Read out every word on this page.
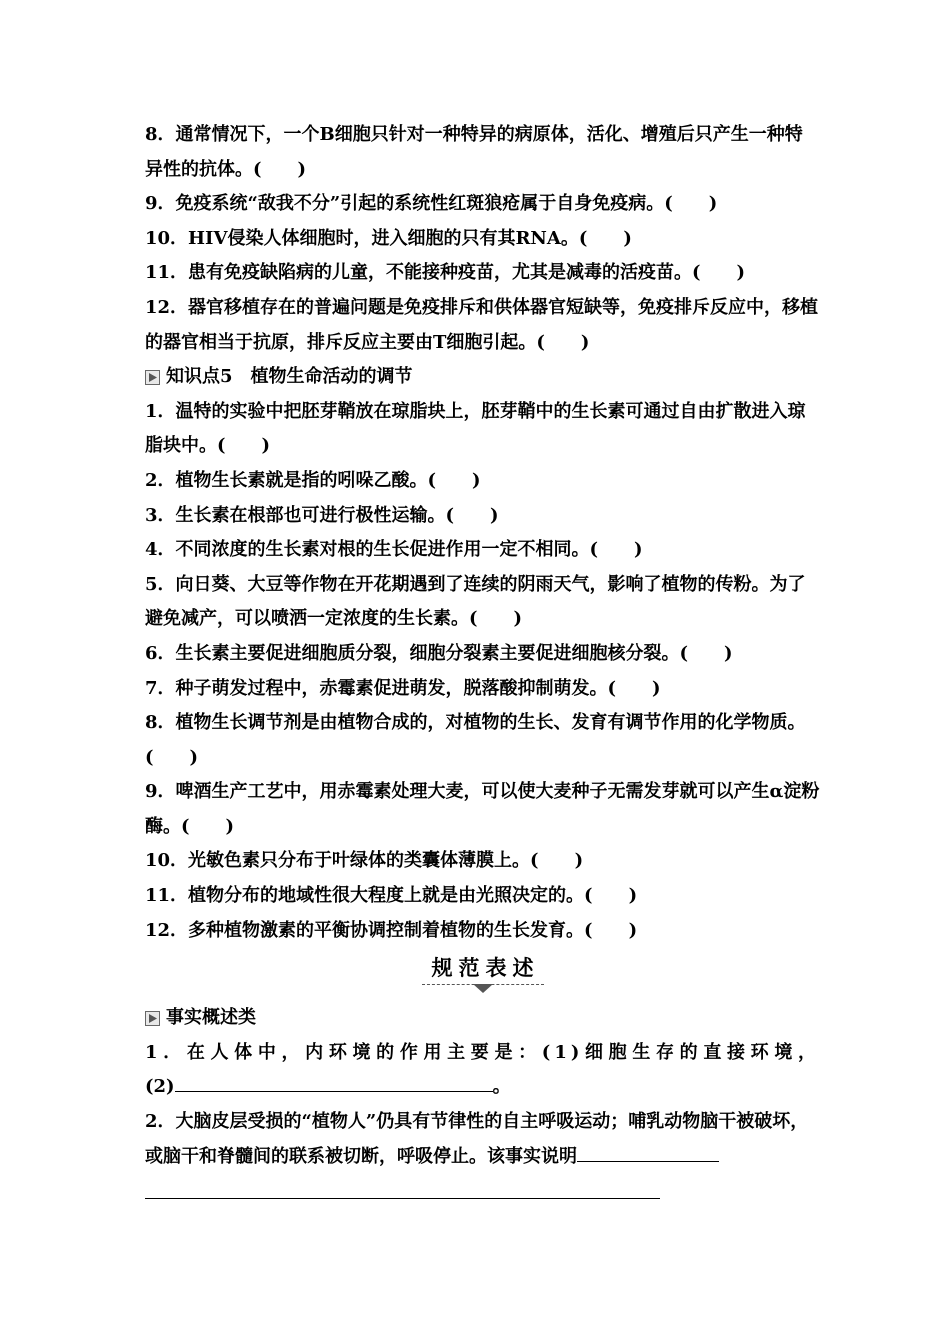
8．通常情况下，一个B细胞只针对一种特异的病原体，活化、增殖后只产生一种特异性的抗体。(　　)
9．免疫系统“敌我不分”引起的系统性红斑狼疮属于自身免疫病。(　　)
10．HIV侵染人体细胞时，进入细胞的只有其RNA。(　　)
11．患有免疫缺陷病的儿童，不能接种疫苗，尤其是减毒的活疫苗。(　　)
12．器官移植存在的普遍问题是免疫排斥和供体器官短缺等，免疫排斥反应中，移植的器官相当于抗原，排斥反应主要由T细胞引起。(　　)
知识点5　植物生命活动的调节
1．温特的实验中把胚芽鞘放在琼脂块上，胚芽鞘中的生长素可通过自由扩散进入琼脂块中。(　　)
2．植物生长素就是指的吲哚乙酸。(　　)
3．生长素在根部也可进行极性运输。(　　)
4．不同浓度的生长素对根的生长促进作用一定不相同。(　　)
5．向日葵、大豆等作物在开花期遇到了连续的阴雨天气，影响了植物的传粉。为了避免减产，可以喷洒一定浓度的生长素。(　　)
6．生长素主要促进细胞质分裂，细胞分裂素主要促进细胞核分裂。(　　)
7．种子萌发过程中，赤霉素促进萌发，脱落酸抑制萌发。(　　)
8．植物生长调节剂是由植物合成的，对植物的生长、发育有调节作用的化学物质。(　　)
9．啤酒生产工艺中，用赤霉素处理大麦，可以使大麦种子无需发芽就可以产生α淀粉酶。(　　)
10．光敏色素只分布于叶绿体的类囊体薄膜上。(　　)
11．植物分布的地域性很大程度上就是由光照决定的。(　　)
12．多种植物激素的平衡协调控制着植物的生长发育。(　　)
规范表述
事实概述类
1．在人体中，内环境的作用主要是：(1)细胞生存的直接环境，
(2)	。
2．大脑皮层受损的“植物人”仍具有节律性的自主呼吸运动；哺乳动物脑干被破坏，或脑干和脊髓间的联系被切断，呼吸停止。该事实说明
